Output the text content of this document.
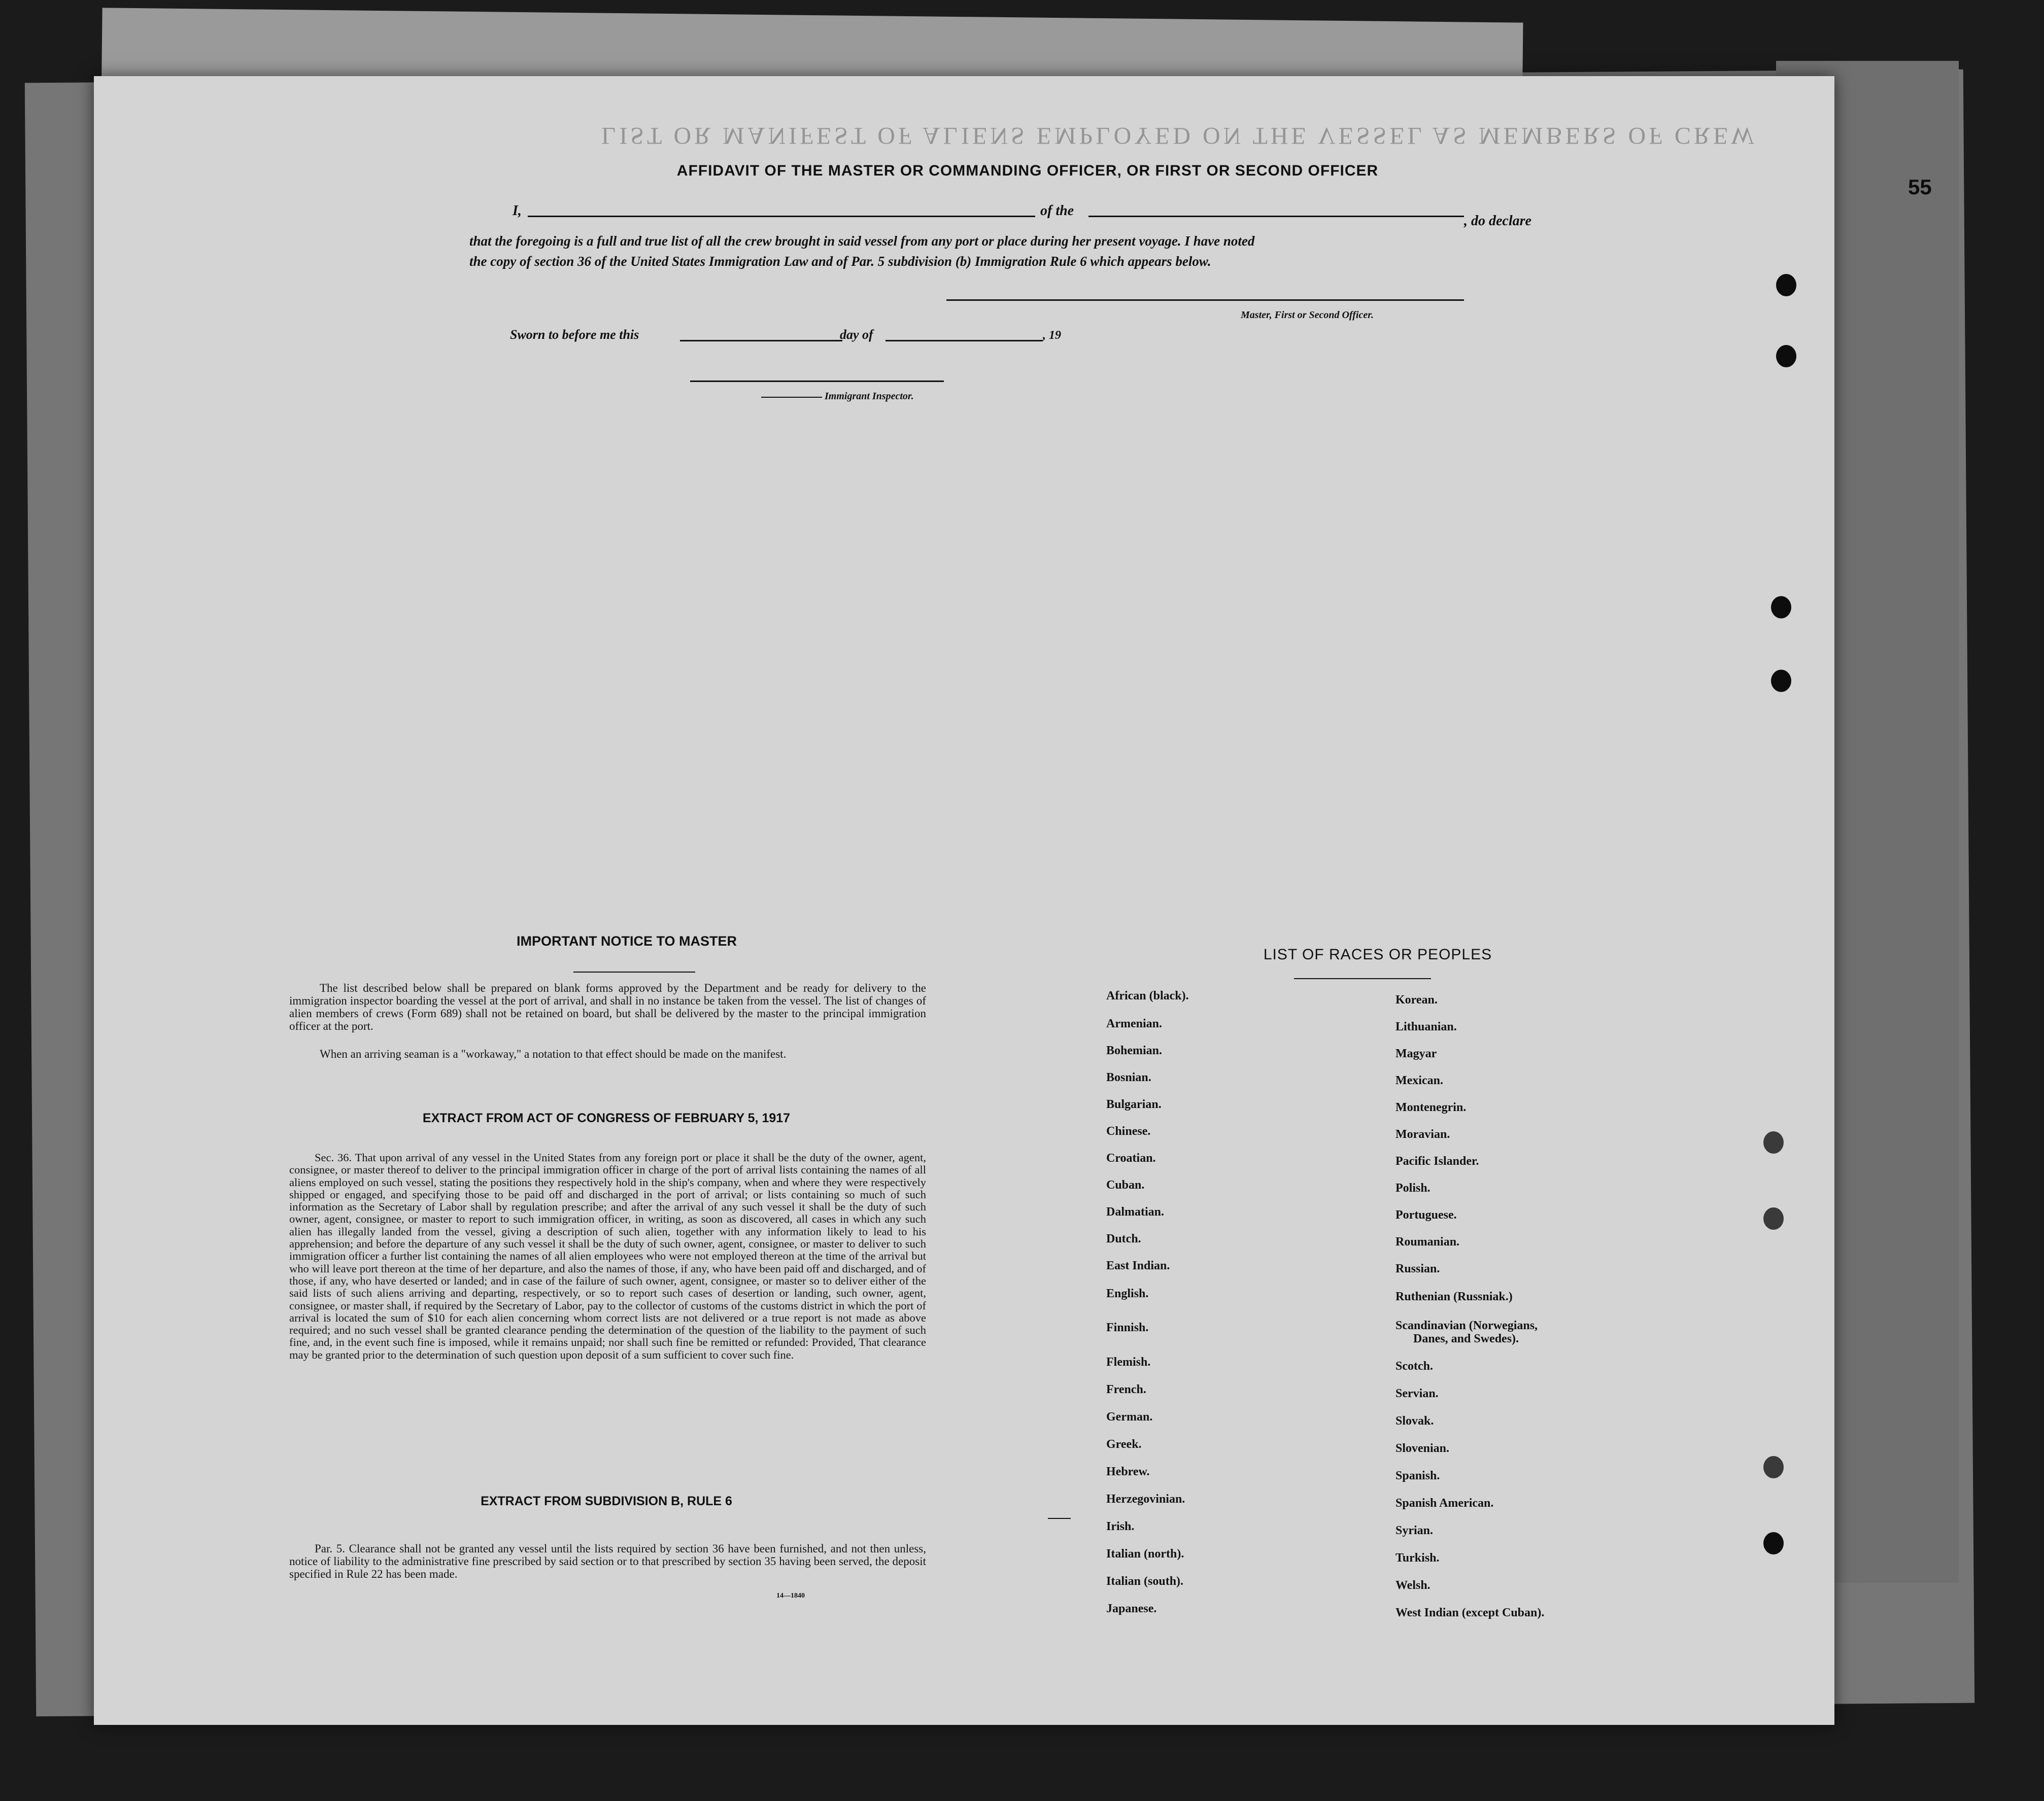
LIST OR MANIFEST OF ALIENS EMPLOYED ON THE VESSEL AS MEMBERS OF CREW
AFFIDAVIT OF THE MASTER OR COMMANDING OFFICER, OR FIRST OR SECOND OFFICER
I,	of the
, do declare
that the foregoing is a full and true list of all the crew brought in said vessel from any port or place during her present voyage. I have noted
the copy of section 36 of the United States Immigration Law and of Par. 5 subdivision (b) Immigration Rule 6 which appears below.
Master, First or Second Officer.
Sworn to before me this	day of	, 19
Immigrant Inspector.
IMPORTANT NOTICE TO MASTER
The list described below shall be prepared on blank forms approved by the Department and be ready for delivery to the immigration inspector boarding the vessel at the port of arrival, and shall in no instance be taken from the vessel. The list of changes of alien members of crews (Form 689) shall not be retained on board, but shall be delivered by the master to the principal immigration officer at the port.
When an arriving seaman is a "workaway," a notation to that effect should be made on the manifest.
EXTRACT FROM ACT OF CONGRESS OF FEBRUARY 5, 1917
Sec. 36. That upon arrival of any vessel in the United States from any foreign port or place it shall be the duty of the owner, agent, consignee, or master thereof to deliver to the principal immigration officer in charge of the port of arrival lists containing the names of all aliens employed on such vessel, stating the positions they respectively hold in the ship's company, when and where they were respectively shipped or engaged, and specifying those to be paid off and discharged in the port of arrival; or lists containing so much of such information as the Secretary of Labor shall by regulation prescribe; and after the arrival of any such vessel it shall be the duty of such owner, agent, consignee, or master to report to such immigration officer, in writing, as soon as discovered, all cases in which any such alien has illegally landed from the vessel, giving a description of such alien, together with any information likely to lead to his apprehension; and before the departure of any such vessel it shall be the duty of such owner, agent, consignee, or master to deliver to such immigration officer a further list containing the names of all alien employees who were not employed thereon at the time of the arrival but who will leave port thereon at the time of her departure, and also the names of those, if any, who have been paid off and discharged, and of those, if any, who have deserted or landed; and in case of the failure of such owner, agent, consignee, or master so to deliver either of the said lists of such aliens arriving and departing, respectively, or so to report such cases of desertion or landing, such owner, agent, consignee, or master shall, if required by the Secretary of Labor, pay to the collector of customs of the customs district in which the port of arrival is located the sum of $10 for each alien concerning whom correct lists are not delivered or a true report is not made as above required; and no such vessel shall be granted clearance pending the determination of the question of the liability to the payment of such fine, and, in the event such fine is imposed, while it remains unpaid; nor shall such fine be remitted or refunded: Provided, That clearance may be granted prior to the determination of such question upon deposit of a sum sufficient to cover such fine.
EXTRACT FROM SUBDIVISION B, RULE 6
Par. 5. Clearance shall not be granted any vessel until the lists required by section 36 have been furnished, and not then unless, notice of liability to the administrative fine prescribed by said section or to that prescribed by section 35 having been served, the deposit specified in Rule 22 has been made.
14—1840
LIST OF RACES OR PEOPLES
African (black).
Armenian.
Bohemian.
Bosnian.
Bulgarian.
Chinese.
Croatian.
Cuban.
Dalmatian.
Dutch.
East Indian.
English.
Finnish.
Flemish.
French.
German.
Greek.
Hebrew.
Herzegovinian.
Irish.
Italian (north).
Italian (south).
Japanese.
Korean.
Lithuanian.
Magyar
Mexican.
Montenegrin.
Moravian.
Pacific Islander.
Polish.
Portuguese.
Roumanian.
Russian.
Ruthenian (Russniak.)
Scandinavian (Norwegians,
Danes, and Swedes).
Scotch.
Servian.
Slovak.
Slovenian.
Spanish.
Spanish American.
Syrian.
Turkish.
Welsh.
West Indian (except Cuban).
55
